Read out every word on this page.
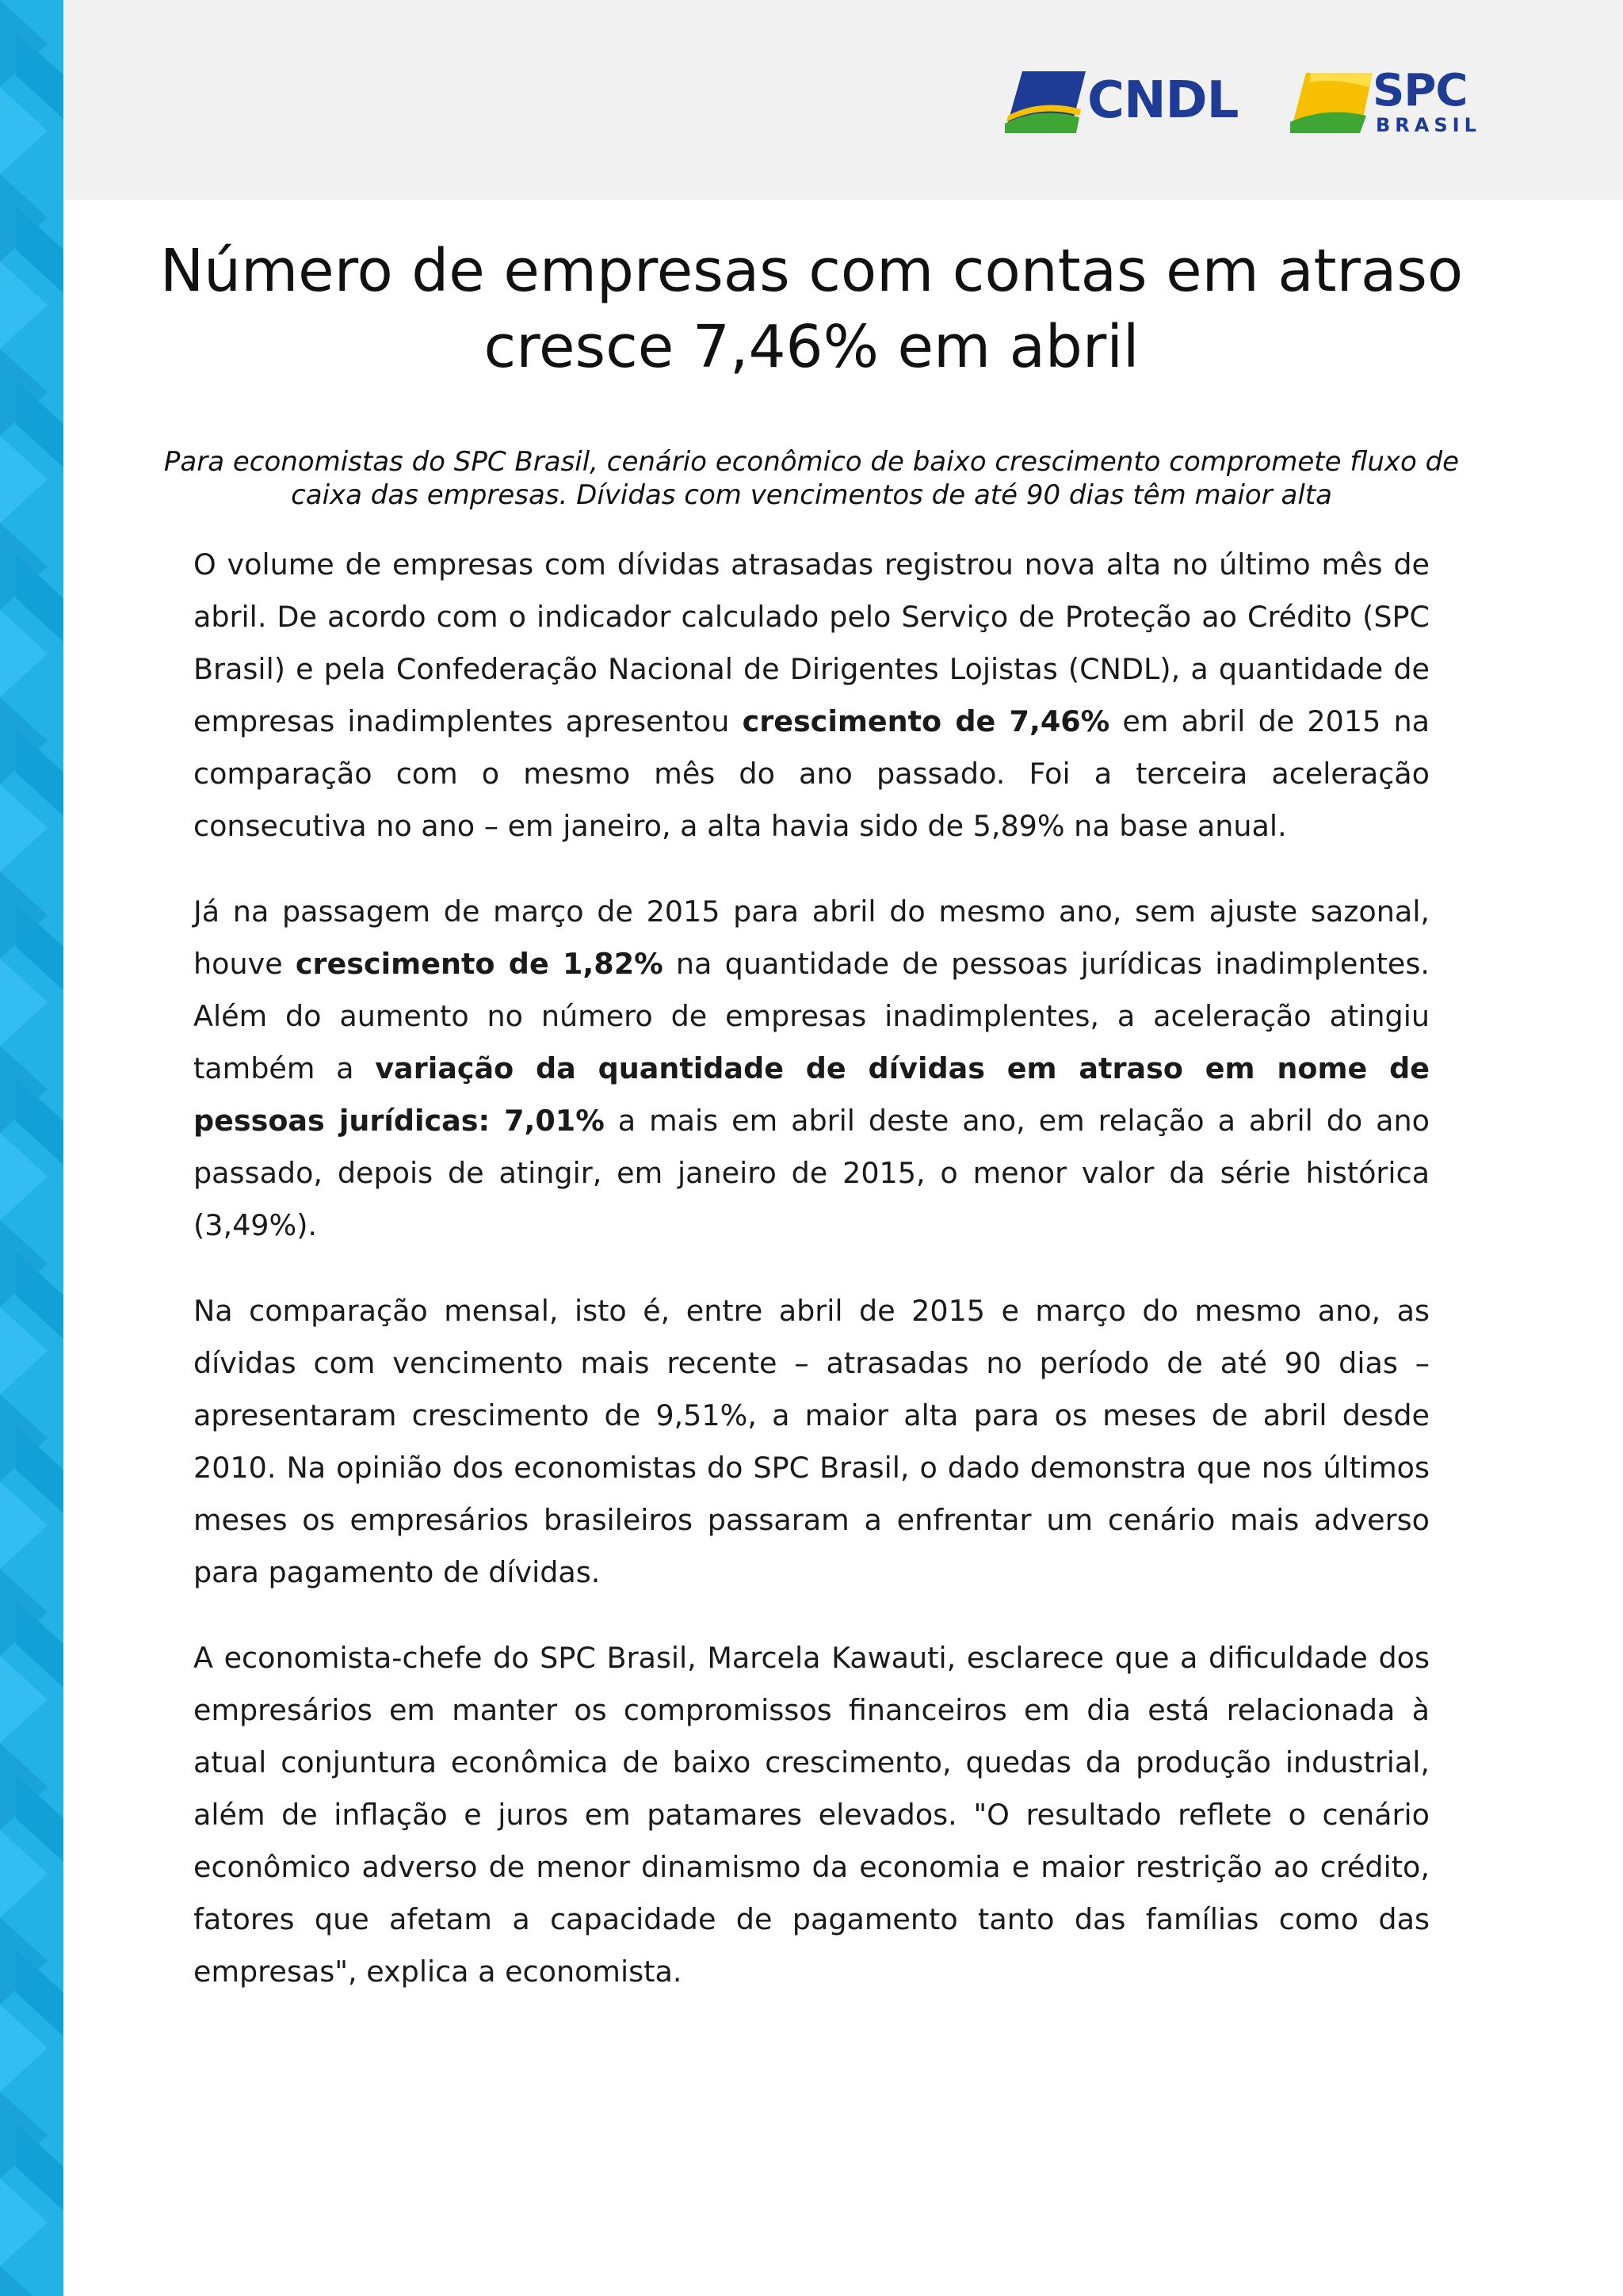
CNDL	SPC
BRASIL
Número de empresas com contas em atraso cresce 7,46% em abril

Para economistas do SPC Brasil, cenário econômico de baixo crescimento compromete fluxo de caixa das empresas. Dívidas com vencimentos de até 90 dias têm maior alta

O volume de empresas com dívidas atrasadas registrou nova alta no último mês de abril. De acordo com o indicador calculado pelo Serviço de Proteção ao Crédito (SPC Brasil) e pela Confederação Nacional de Dirigentes Lojistas (CNDL), a quantidade de empresas inadimplentes apresentou crescimento de 7,46% em abril de 2015 na comparação com o mesmo mês do ano passado. Foi a terceira aceleração consecutiva no ano – em janeiro, a alta havia sido de 5,89% na base anual.

Já na passagem de março de 2015 para abril do mesmo ano, sem ajuste sazonal, houve crescimento de 1,82% na quantidade de pessoas jurídicas inadimplentes. Além do aumento no número de empresas inadimplentes, a aceleração atingiu também a variação da quantidade de dívidas em atraso em nome de pessoas jurídicas: 7,01% a mais em abril deste ano, em relação a abril do ano passado, depois de atingir, em janeiro de 2015, o menor valor da série histórica (3,49%).

Na comparação mensal, isto é, entre abril de 2015 e março do mesmo ano, as dívidas com vencimento mais recente – atrasadas no período de até 90 dias – apresentaram crescimento de 9,51%, a maior alta para os meses de abril desde 2010. Na opinião dos economistas do SPC Brasil, o dado demonstra que nos últimos meses os empresários brasileiros passaram a enfrentar um cenário mais adverso para pagamento de dívidas.

A economista-chefe do SPC Brasil, Marcela Kawauti, esclarece que a dificuldade dos empresários em manter os compromissos financeiros em dia está relacionada à atual conjuntura econômica de baixo crescimento, quedas da produção industrial, além de inflação e juros em patamares elevados. "O resultado reflete o cenário econômico adverso de menor dinamismo da economia e maior restrição ao crédito, fatores que afetam a capacidade de pagamento tanto das famílias como das empresas", explica a economista.
